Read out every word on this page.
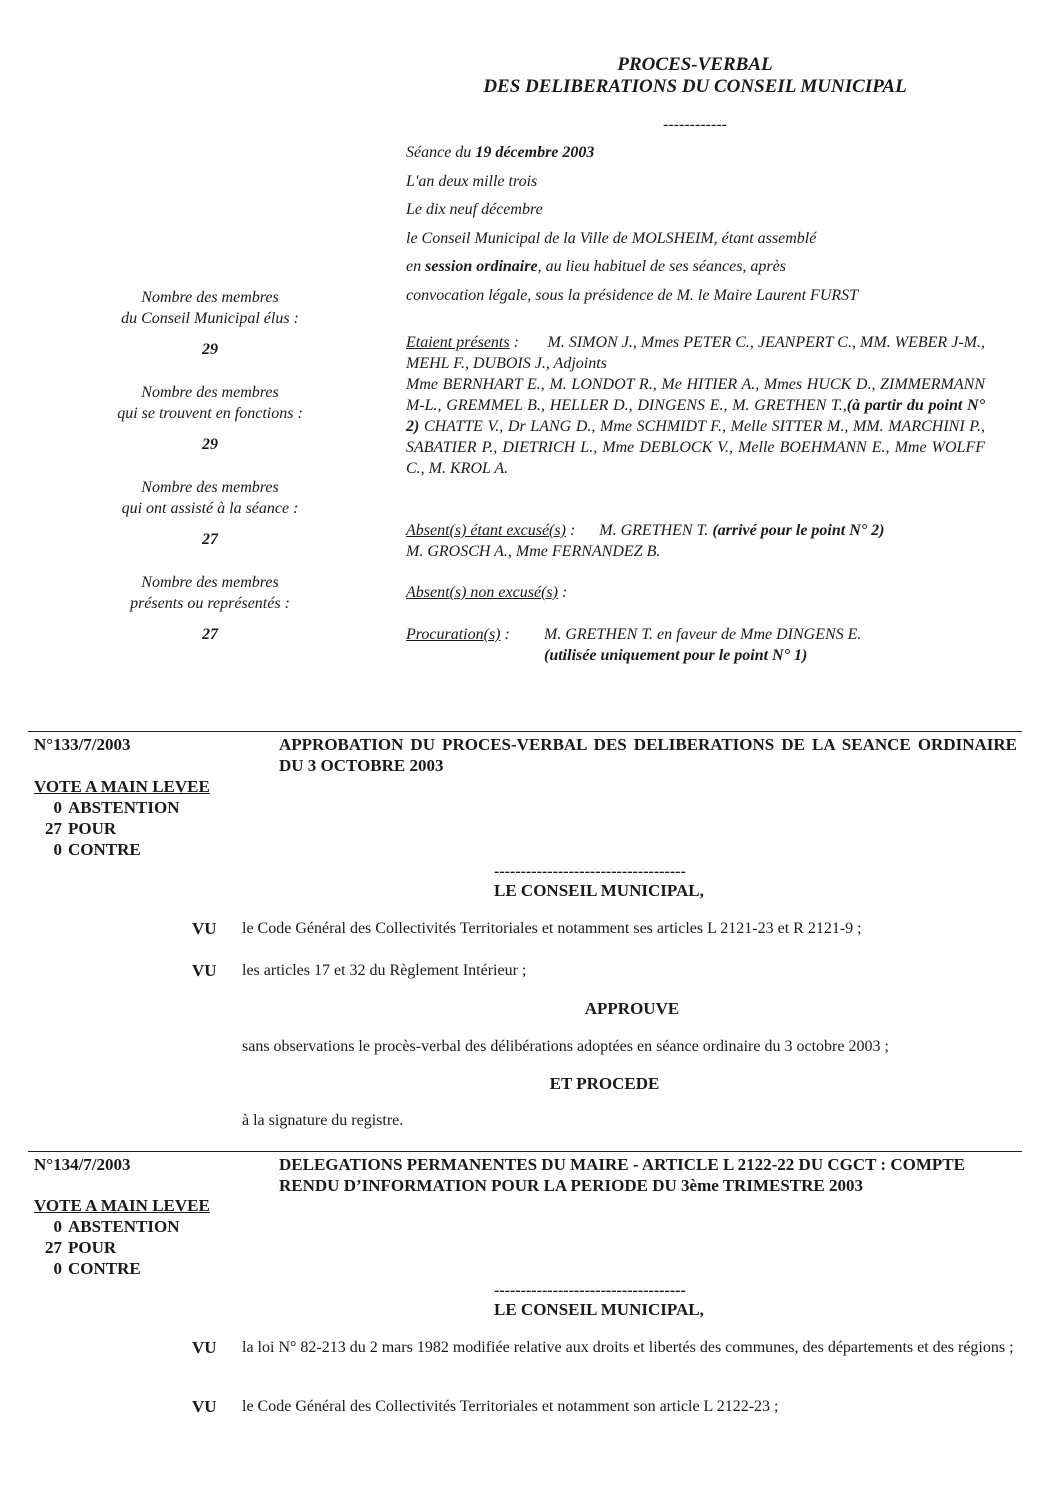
PROCES-VERBAL
DES DELIBERATIONS DU CONSEIL MUNICIPAL
------------
Séance du 19 décembre 2003
L'an deux mille trois
Le dix neuf décembre
le Conseil Municipal de la Ville de MOLSHEIM, étant assemblé
en session ordinaire, au lieu habituel de ses séances, après
convocation légale, sous la présidence de M. le Maire Laurent FURST
Nombre des membres
du Conseil Municipal élus :
29
Nombre des membres
qui se trouvent en fonctions :
29
Nombre des membres
qui ont assisté à la séance :
27
Nombre des membres
présents ou représentés :
27
Etaient présents : M. SIMON J., Mmes PETER C., JEANPERT C., MM. WEBER J-M., MEHL F., DUBOIS J., Adjoints
Mme BERNHART E., M. LONDOT R., Me HITIER A., Mmes HUCK D., ZIMMERMANN M-L., GREMMEL B., HELLER D., DINGENS E., M. GRETHEN T.,(à partir du point N° 2) CHATTE V., Dr LANG D., Mme SCHMIDT F., Melle SITTER M., MM. MARCHINI P., SABATIER P., DIETRICH L., Mme DEBLOCK V., Melle BOEHMANN E., Mme WOLFF C., M. KROL A.
Absent(s) étant excusé(s) : M. GRETHEN T. (arrivé pour le point N° 2)
M. GROSCH A., Mme FERNANDEZ B.
Absent(s) non excusé(s) :
Procuration(s) :	M. GRETHEN T. en faveur de Mme DINGENS E.
(utilisée uniquement pour le point N° 1)
N°133/7/2003	APPROBATION DU PROCES-VERBAL DES DELIBERATIONS DE LA SEANCE ORDINAIRE DU 3 OCTOBRE 2003
VOTE A MAIN LEVEE
0 ABSTENTION
27 POUR
0 CONTRE
------------------------------------
LE CONSEIL MUNICIPAL,
VU le Code Général des Collectivités Territoriales et notamment ses articles L 2121-23 et R 2121-9 ;
VU les articles 17 et 32 du Règlement Intérieur ;
APPROUVE
sans observations le procès-verbal des délibérations adoptées en séance ordinaire du 3 octobre 2003 ;
ET PROCEDE
à la signature du registre.
N°134/7/2003	DELEGATIONS PERMANENTES DU MAIRE - ARTICLE L 2122-22 DU CGCT : COMPTE RENDU D’INFORMATION POUR LA PERIODE DU 3ème TRIMESTRE 2003
VOTE A MAIN LEVEE
0 ABSTENTION
27 POUR
0 CONTRE
------------------------------------
LE CONSEIL MUNICIPAL,
VU la loi N° 82-213 du 2 mars 1982 modifiée relative aux droits et libertés des communes, des départements et des régions ;
VU le Code Général des Collectivités Territoriales et notamment son article L 2122-23 ;
